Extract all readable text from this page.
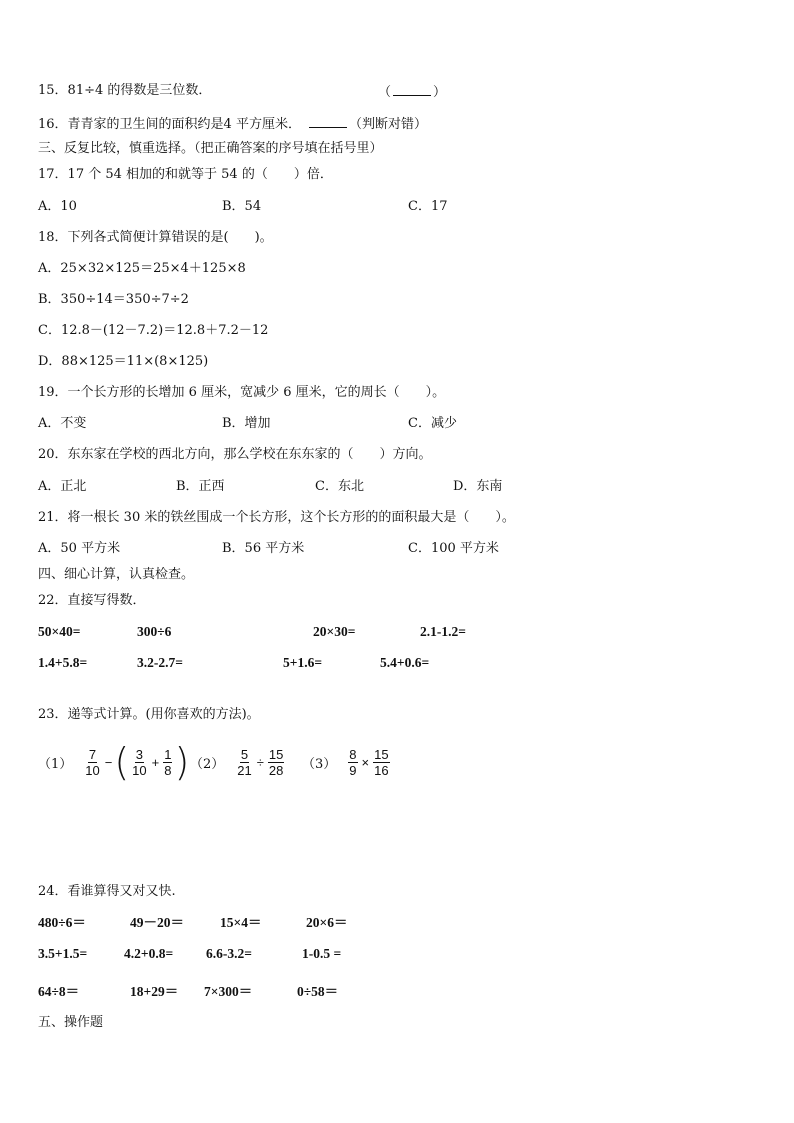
15．81÷4 的得数是三位数．	（	）
16．青青家的卫生间的面积约是4 平方厘米．	（判断对错）
三、反复比较，慎重选择。（把正确答案的序号填在括号里）
17．17 个 54 相加的和就等于 54 的（　　）倍．
A．10	B．54	C．17
18．下列各式简便计算错误的是(　　)。
A．25×32×125＝25×4＋125×8
B．350÷14＝350÷7÷2
C．12.8－(12－7.2)＝12.8＋7.2－12
D．88×125＝11×(8×125)
19．一个长方形的长增加 6 厘米，宽减少 6 厘米，它的周长（　　）。
A．不变	B．增加	C．减少
20．东东家在学校的西北方向，那么学校在东东家的（　　）方向。
A．正北	B．正西	C．东北	D．东南
21．将一根长 30 米的铁丝围成一个长方形，这个长方形的的面积最大是（　　）。
A．50 平方米	B．56 平方米	C．100 平方米
四、细心计算，认真检查。
22．直接写得数．
50×40=	300÷6	20×30=	2.1-1.2=
1.4+5.8=	3.2-2.7=	5+1.6=	5.4+0.6=
23．递等式计算。(用你喜欢的方法)。
$(1) \frac{7}{10}$ − ( $\frac{3}{10} + \frac{1}{8}$ ) $(2) \frac{5}{21} \div \frac{15}{28} (3) \frac{8}{9} \times \frac{15}{16}$
24．看谁算得又对又快.
480÷6＝	49－20＝	15×4＝	20×6＝
3.5+1.5=	4.2+0.8= 6.6-3.2=	1-0.5 =
64÷8＝	18+29＝ 7×300＝	0÷58＝
五、操作题
